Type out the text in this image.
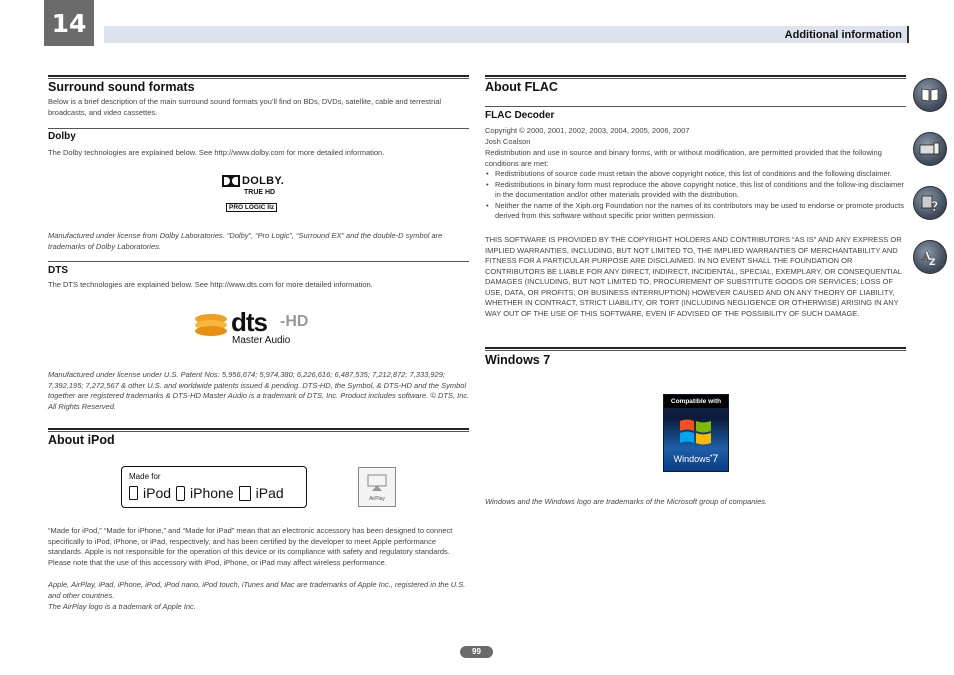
14	Additional information
?
A
Z
Surround sound formats
Below is a brief description of the main surround sound formats you’ll find on BDs, DVDs, satellite, cable and terrestrial broadcasts, and video cassettes.
Dolby
The Dolby technologies are explained below. See http://www.dolby.com for more detailed information.
DOLBY.
TRUE HD
PRO LOGIC IIz
Manufactured under license from Dolby Laboratories. “Dolby”, “Pro Logic”, “Surround EX” and the double-D symbol are trademarks of Dolby Laboratories.
DTS
The DTS technologies are explained below. See http://www.dts.com for more detailed information.
dts -HD
Master Audio
Manufactured under license under U.S. Patent Nos: 5,956,674; 5,974,380; 6,226,616; 6,487,535; 7,212,872; 7,333,929; 7,392,195; 7,272,567 & other U.S. and worldwide patents issued & pending. DTS-HD, the Symbol, & DTS-HD and the Symbol together are registered trademarks & DTS-HD Master Audio is a trademark of DTS, Inc. Product includes software. © DTS, Inc. All Rights Reserved.
About iPod
Made for
iPod iPhone iPad	AirPlay
“Made for iPod,” “Made for iPhone,” and “Made for iPad” mean that an electronic accessory has been designed to connect specifically to iPod, iPhone, or iPad, respectively, and has been certified by the developer to meet Apple performance standards. Apple is not responsible for the operation of this device or its compliance with safety and regulatory standards. Please note that the use of this accessory with iPod, iPhone, or iPad may affect wireless performance.
Apple, AirPlay, iPad, iPhone, iPod, iPod nano, iPod touch, iTunes and Mac are trademarks of Apple Inc., registered in the U.S. and other countries.
The AirPlay logo is a trademark of Apple Inc.
About FLAC
FLAC Decoder
Copyright © 2000, 2001, 2002, 2003, 2004, 2005, 2006, 2007
Josh Coalson
Redistribution and use in source and binary forms, with or without modification, are permitted provided that the following conditions are met:
• Redistributions of source code must retain the above copyright notice, this list of conditions and the following disclaimer.
• Redistributions in binary form must reproduce the above copyright notice, this list of conditions and the follow-ing disclaimer in the documentation and/or other materials provided with the distribution.
• Neither the name of the Xiph.org Foundation nor the names of its contributors may be used to endorse or promote products derived from this software without specific prior written permission.
THIS SOFTWARE IS PROVIDED BY THE COPYRIGHT HOLDERS AND CONTRIBUTORS “AS IS” AND ANY EXPRESS OR IMPLIED WARRANTIES, INCLUDING, BUT NOT LIMITED TO, THE IMPLIED WARRANTIES OF MERCHANTABILITY AND FITNESS FOR A PARTICULAR PURPOSE ARE DISCLAIMED. IN NO EVENT SHALL THE FOUNDATION OR CONTRIBUTORS BE LIABLE FOR ANY DIRECT, INDIRECT, INCIDENTAL, SPECIAL, EXEMPLARY, OR CONSEQUENTIAL DAMAGES (INCLUDING, BUT NOT LIMITED TO, PROCUREMENT OF SUBSTITUTE GOODS OR SERVICES; LOSS OF USE, DATA, OR PROFITS; OR BUSINESS INTERRUPTION) HOWEVER CAUSED AND ON ANY THEORY OF LIABILITY, WHETHER IN CONTRACT, STRICT LIABILITY, OR TORT (INCLUDING NEGLIGENCE OR OTHERWISE) ARISING IN ANY WAY OUT OF THE USE OF THIS SOFTWARE, EVEN IF ADVISED OF THE POSSIBILITY OF SUCH DAMAGE.
Windows 7
Compatible with
Windows•7
Windows and the Windows logo are trademarks of the Microsoft group of companies.
99
